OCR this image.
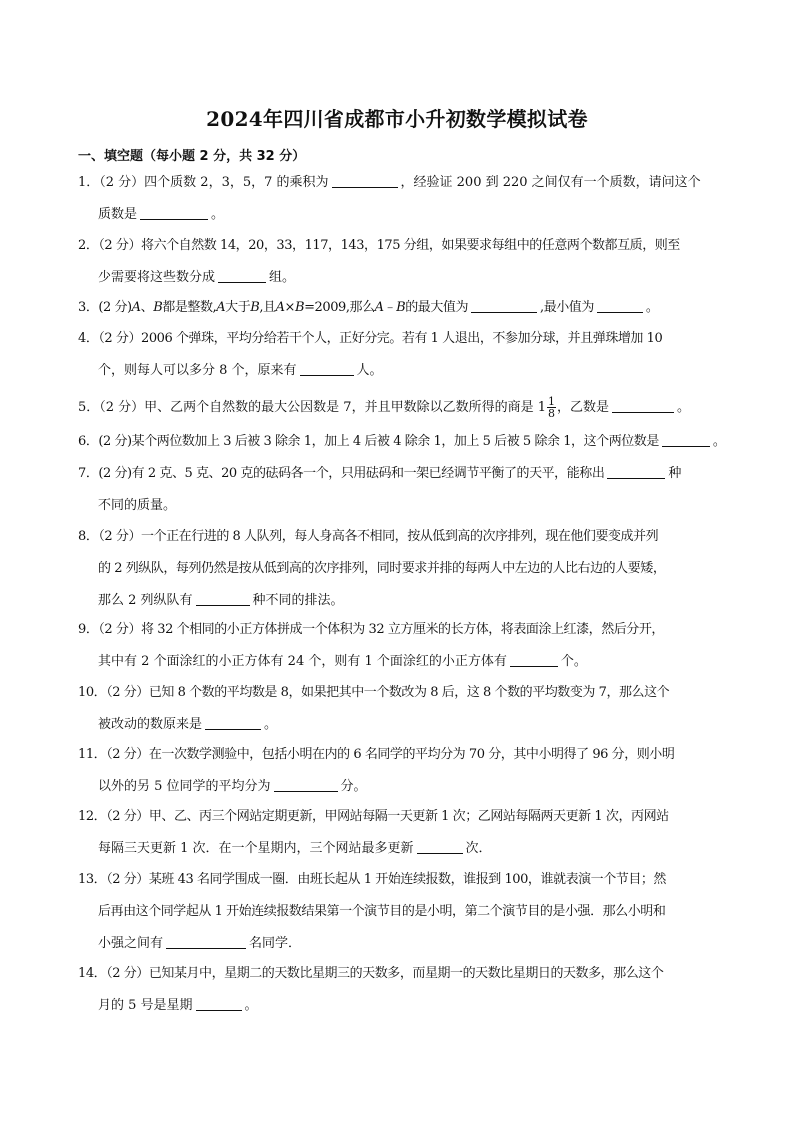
2024年四川省成都市小升初数学模拟试卷
一、填空题（每小题 2 分，共 32 分）
1．（2 分）四个质数 2，3，5，7 的乘积为	，经验证 200 到 220 之间仅有一个质数，请问这个
质数是	。
2．（2 分）将六个自然数 14，20，33，117，143，175 分组，如果要求每组中的任意两个数都互质，则至
少需要将这些数分成	组。
3．(2 分)A、B都是整数,A大于B,且A×B=2009,那么A﹣B的最大值为	,最小值为	。
4．（2 分）2006 个弹珠，平均分给若干个人，正好分完。若有 1 人退出，不参加分球，并且弹珠增加 10
个，则每人可以多分 8 个，原来有	人。
5．（2 分）甲、乙两个自然数的最大公因数是 7，并且甲数除以乙数所得的商是 $1 \frac{1}{8}$ ，乙数是	。
6．(2 分)某个两位数加上 3 后被 3 除余 1，加上 4 后被 4 除余 1，加上 5 后被 5 除余 1，这个两位数是	。
7．(2 分)有 2 克、5 克、20 克的砝码各一个，只用砝码和一架已经调节平衡了的天平，能称出	种
不同的质量。
8．（2 分）一个正在行进的 8 人队列，每人身高各不相同，按从低到高的次序排列，现在他们要变成并列
的 2 列纵队，每列仍然是按从低到高的次序排列，同时要求并排的每两人中左边的人比右边的人要矮，
那么 2 列纵队有	种不同的排法。
9．（2 分）将 32 个相同的小正方体拼成一个体积为 32 立方厘米的长方体，将表面涂上红漆，然后分开，
其中有 2 个面涂红的小正方体有 24 个，则有 1 个面涂红的小正方体有	个。
10．（2 分）已知 8 个数的平均数是 8，如果把其中一个数改为 8 后，这 8 个数的平均数变为 7，那么这个
被改动的数原来是	。
11．（2 分）在一次数学测验中，包括小明在内的 6 名同学的平均分为 70 分，其中小明得了 96 分，则小明
以外的另 5 位同学的平均分为	分。
12．（2 分）甲、乙、丙三个网站定期更新，甲网站每隔一天更新 1 次；乙网站每隔两天更新 1 次，丙网站
每隔三天更新 1 次．在一个星期内，三个网站最多更新	次．
13．（2 分）某班 43 名同学围成一圈．由班长起从 1 开始连续报数，谁报到 100，谁就表演一个节目；然
后再由这个同学起从 1 开始连续报数结果第一个演节目的是小明，第二个演节目的是小强．那么小明和
小强之间有	名同学．
14．（2 分）已知某月中，星期二的天数比星期三的天数多，而星期一的天数比星期日的天数多，那么这个
月的 5 号是星期	。
